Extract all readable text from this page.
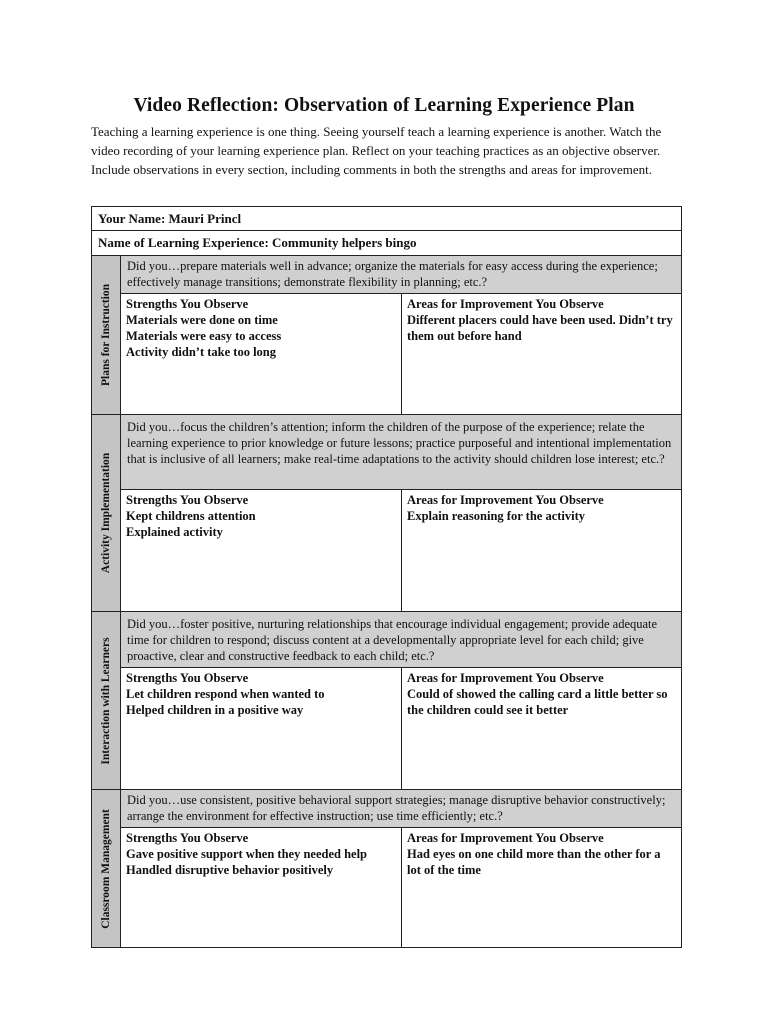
Video Reflection: Observation of Learning Experience Plan
Teaching a learning experience is one thing. Seeing yourself teach a learning experience is another. Watch the video recording of your learning experience plan. Reflect on your teaching practices as an objective observer. Include observations in every section, including comments in both the strengths and areas for improvement.
Your Name: Mauri Princl
Name of Learning Experience: Community helpers bingo
Plans for Instruction
Did you…prepare materials well in advance; organize the materials for easy access during the experience; effectively manage transitions; demonstrate flexibility in planning; etc.?
Strengths You Observe
Materials were done on time
Materials were easy to access
Activity didn’t take too long
Areas for Improvement You Observe
Different placers could have been used. Didn’t try them out before hand
Activity Implementation
Did you…focus the children’s attention; inform the children of the purpose of the experience; relate the learning experience to prior knowledge or future lessons; practice purposeful and intentional implementation that is inclusive of all learners; make real-time adaptations to the activity should children lose interest; etc.?
Strengths You Observe
Kept childrens attention
Explained activity
Areas for Improvement You Observe
Explain reasoning for the activity
Interaction with Learners
Did you…foster positive, nurturing relationships that encourage individual engagement; provide adequate time for children to respond; discuss content at a developmentally appropriate level for each child; give proactive, clear and constructive feedback to each child; etc.?
Strengths You Observe
Let children respond when wanted to
Helped children in a positive way
Areas for Improvement You Observe
Could of showed the calling card a little better so the children could see it better
Classroom Management
Did you…use consistent, positive behavioral support strategies; manage disruptive behavior constructively; arrange the environment for effective instruction; use time efficiently; etc.?
Strengths You Observe
Gave positive support when they needed help
Handled disruptive behavior positively
Areas for Improvement You Observe
Had eyes on one child more than the other for a lot of the time
